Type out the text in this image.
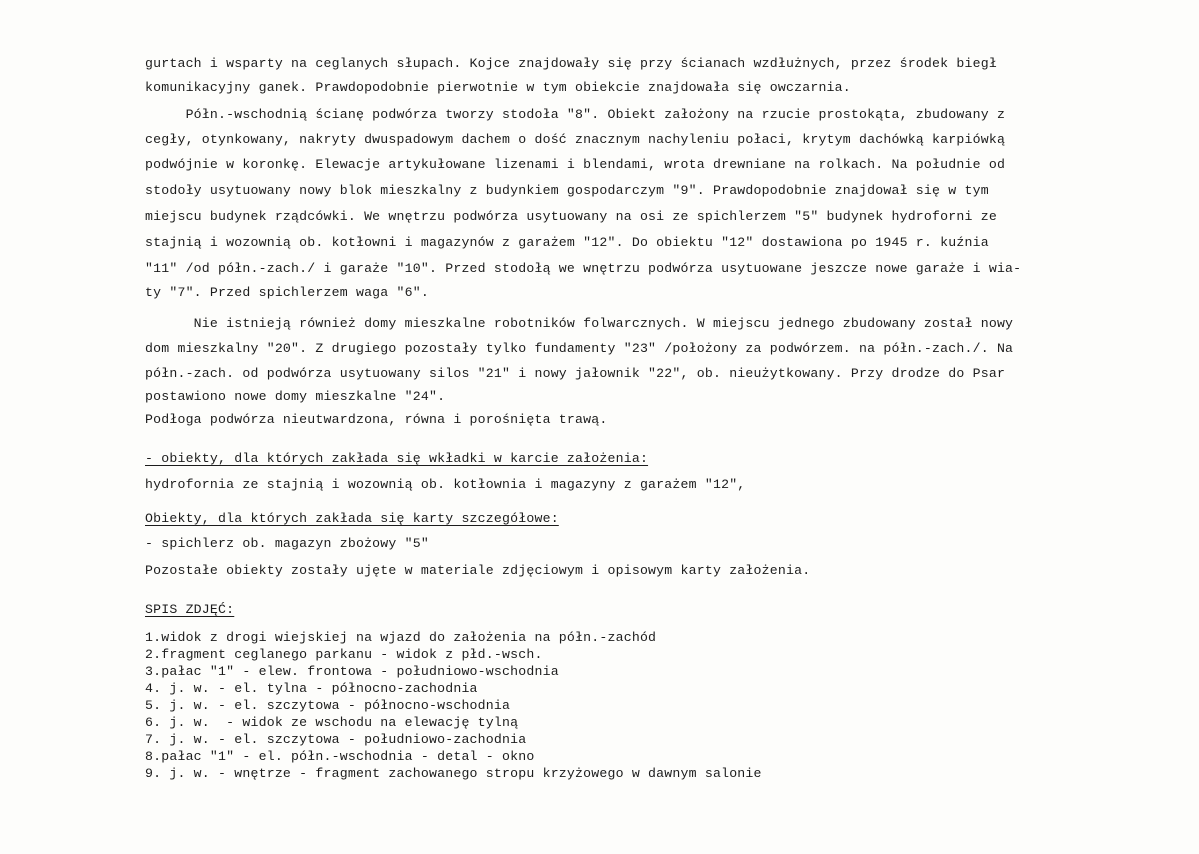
gurtach i wsparty na ceglanych słupach. Kojce znajdowały się przy ścianach wzdłużnych, przez środek biegł
komunikacyjny ganek. Prawdopodobnie pierwotnie w tym obiekcie znajdowała się owczarnia.
Półn.-wschodnią ścianę podwórza tworzy stodoła "8". Obiekt założony na rzucie prostokąta, zbudowany z
cegły, otynkowany, nakryty dwuspadowym dachem o dość znacznym nachyleniu połaci, krytym dachówką karpiówką
podwójnie w koronkę. Elewacje artykułowane lizenami i blendami, wrota drewniane na rolkach. Na południe od
stodoły usytuowany nowy blok mieszkalny z budynkiem gospodarczym "9". Prawdopodobnie znajdował się w tym
miejscu budynek rządcówki. We wnętrzu podwórza usytuowany na osi ze spichlerzem "5" budynek hydroforni ze
stajnią i wozownią ob. kotłowni i magazynów z garażem "12". Do obiektu "12" dostawiona po 1945 r. kuźnia
"11" /od półn.-zach./ i garaże "10". Przed stodołą we wnętrzu podwórza usytuowane jeszcze nowe garaże i wia-
ty "7". Przed spichlerzem waga "6".
Nie istnieją również domy mieszkalne robotników folwarcznych. W miejscu jednego zbudowany został nowy
dom mieszkalny "20". Z drugiego pozostały tylko fundamenty "23" /położony za podwórzem. na półn.-zach./. Na
półn.-zach. od podwórza usytuowany silos "21" i nowy jałownik "22", ob. nieużytkowany. Przy drodze do Psar
postawiono nowe domy mieszkalne "24".
Podłoga podwórza nieutwardzona, równa i porośnięta trawą.
- obiekty, dla których zakłada się wkładki w karcie założenia:
hydrofornia ze stajnią i wozownią ob. kotłownia i magazyny z garażem "12",
Obiekty, dla których zakłada się karty szczegółowe:
- spichlerz ob. magazyn zbożowy "5"
Pozostałe obiekty zostały ujęte w materiale zdjęciowym i opisowym karty założenia.
SPIS ZDJĘĆ:
1.widok z drogi wiejskiej na wjazd do założenia na półn.-zachód
2.fragment ceglanego parkanu - widok z płd.-wsch.
3.pałac "1" - elew. frontowa - południowo-wschodnia
4. j. w. - el. tylna - północno-zachodnia
5. j. w. - el. szczytowa - północno-wschodnia
6. j. w.  - widok ze wschodu na elewację tylną
7. j. w. - el. szczytowa - południowo-zachodnia
8.pałac "1" - el. półn.-wschodnia - detal - okno
9. j. w. - wnętrze - fragment zachowanego stropu krzyżowego w dawnym salonie
